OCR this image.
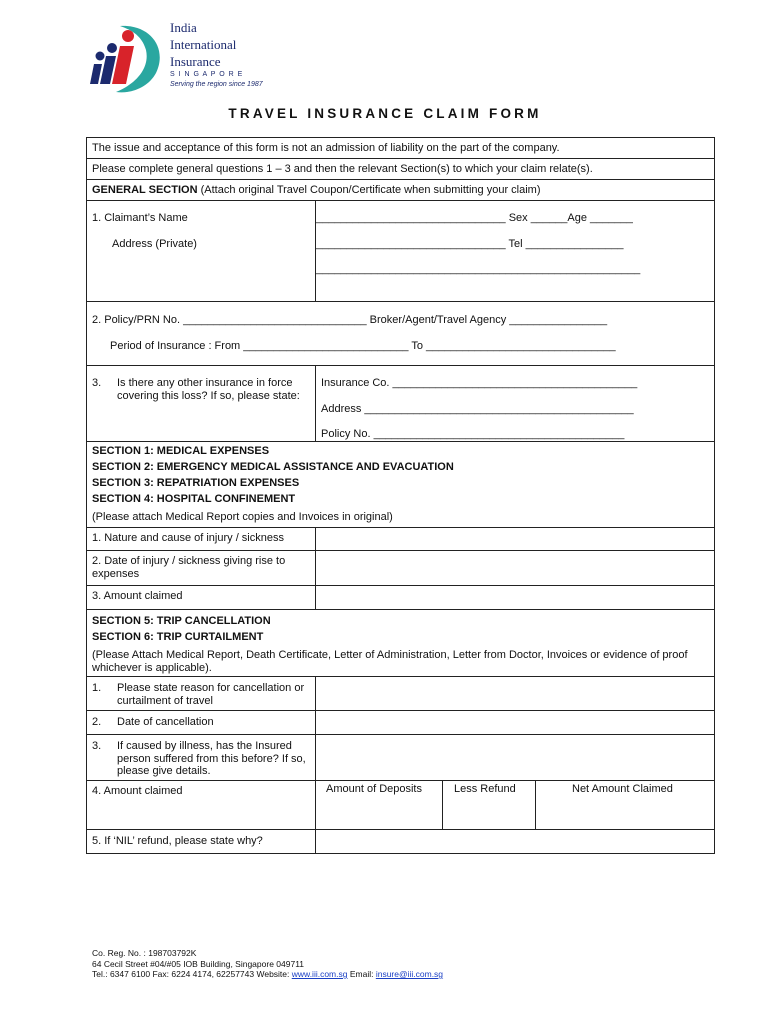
India
International
Insurance
S I N G A P O R E
Serving the region since 1987
TRAVEL INSURANCE CLAIM FORM
The issue and acceptance of this form is not an admission of liability on the part of the company.
Please complete general questions 1 – 3 and then the relevant Section(s) to which your claim relate(s).
GENERAL SECTION (Attach original Travel Coupon/Certificate when submitting your claim)
1. Claimant’s Name	_______________________________ Sex ______Age _______
Address (Private)	_______________________________ Tel ________________
_____________________________________________________
2. Policy/PRN No. ______________________________ Broker/Agent/Travel Agency ________________
Period of Insurance : From ___________________________ To _______________________________
3. Is there any other insurance in force covering this loss? If so, please state:
Insurance Co. ________________________________________
Address ____________________________________________
Policy No. _________________________________________
SECTION 1: MEDICAL EXPENSES
SECTION 2: EMERGENCY MEDICAL ASSISTANCE AND EVACUATION
SECTION 3: REPATRIATION EXPENSES
SECTION 4: HOSPITAL CONFINEMENT
(Please attach Medical Report copies and Invoices in original)
1. Nature and cause of injury / sickness
2. Date of injury / sickness giving rise to expenses
3. Amount claimed
SECTION 5: TRIP CANCELLATION
SECTION 6: TRIP CURTAILMENT
(Please Attach Medical Report, Death Certificate, Letter of Administration, Letter from Doctor, Invoices or evidence of proof whichever is applicable).
1. Please state reason for cancellation or curtailment of travel
2. Date of cancellation
3. If caused by illness, has the Insured person suffered from this before? If so, please give details.
4. Amount claimed	Amount of Deposits	Less Refund	Net Amount Claimed
5. If ‘NIL’ refund, please state why?
Co. Reg. No. : 198703792K
64 Cecil Street #04/#05 IOB Building, Singapore 049711
Tel.: 6347 6100 Fax: 6224 4174, 62257743 Website: www.iii.com.sg Email: insure@iii.com.sg
